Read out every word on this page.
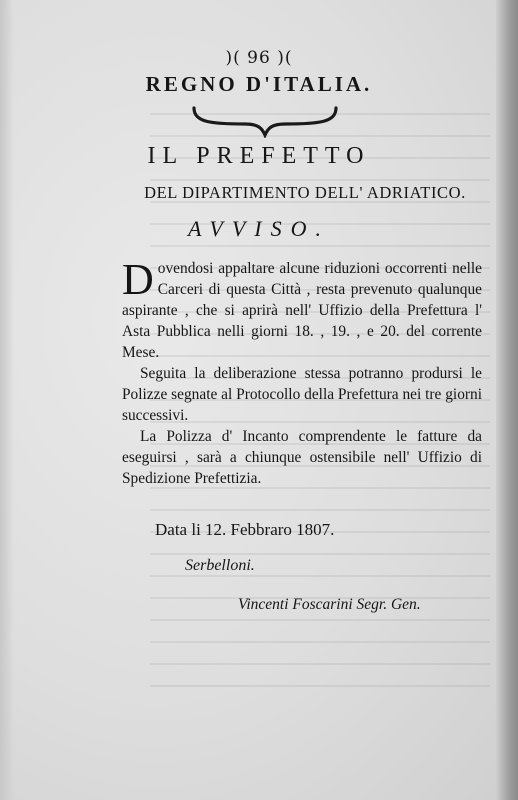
)( 96 )(
REGNO D'ITALIA.
IL PREFETTO
DEL DIPARTIMENTO DELL' ADRIATICO.
AVVISO.

Dovendosi appaltare alcune riduzioni occorrenti nelle Carceri di questa Città , resta prevenuto qualunque aspirante , che si aprirà nell' Uffizio della Prefettura l' Asta Pubblica nelli giorni 18. , 19. , e 20. del corrente Mese.

Seguita la deliberazione stessa potranno prodursi le Polizze segnate al Protocollo della Prefettura nei tre giorni successivi.

La Polizza d' Incanto comprendente le fatture da eseguirsi , sarà a chiunque ostensibile nell' Uffizio di Spedizione Prefettizia.

Data li 12. Febbraro 1807.
Serbelloni.
Vincenti Foscarini Segr. Gen.
